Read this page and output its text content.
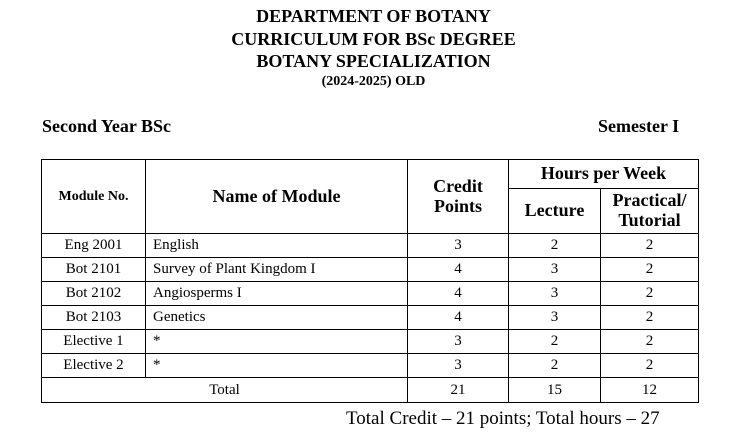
DEPARTMENT OF BOTANY
CURRICULUM FOR BSc DEGREE
BOTANY SPECIALIZATION
(2024-2025) OLD
Second Year BSc	Semester I
Module No.	Name of Module	Credit Points	Hours per Week	
			Lecture	Practical/ Tutorial
Eng 2001	English	3	2	2
Bot 2101	Survey of Plant Kingdom I	4	3	2
Bot 2102	Angiosperms I	4	3	2
Bot 2103	Genetics	4	3	2
Elective 1	*	3	2	2
Elective 2	*	3	2	2
Total		21	15	12
Total Credit – 21 points; Total hours – 27
